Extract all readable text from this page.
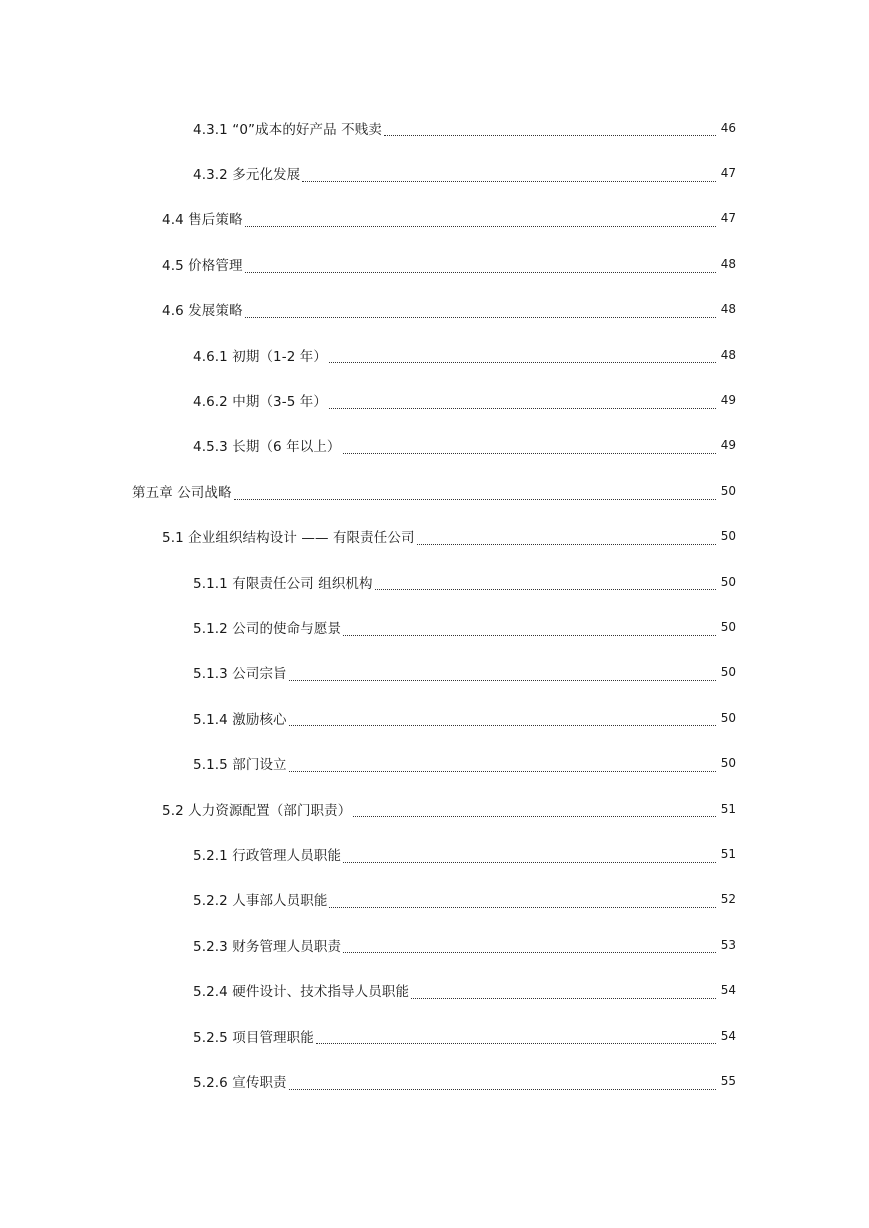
4.3.1 “0”成本的好产品 不贱卖	46
4.3.2 多元化发展	47
4.4 售后策略	47
4.5 价格管理	48
4.6 发展策略	48
4.6.1 初期（1-2 年）	48
4.6.2 中期（3-5 年）	49
4.5.3 长期（6 年以上）	49
第五章 公司战略	50
5.1 企业组织结构设计 —— 有限责任公司	50
5.1.1 有限责任公司 组织机构	50
5.1.2 公司的使命与愿景	50
5.1.3 公司宗旨	50
5.1.4 激励核心	50
5.1.5 部门设立	50
5.2 人力资源配置（部门职责）	51
5.2.1 行政管理人员职能	51
5.2.2 人事部人员职能	52
5.2.3 财务管理人员职责	53
5.2.4 硬件设计、技术指导人员职能	54
5.2.5 项目管理职能	54
5.2.6 宣传职责	55
